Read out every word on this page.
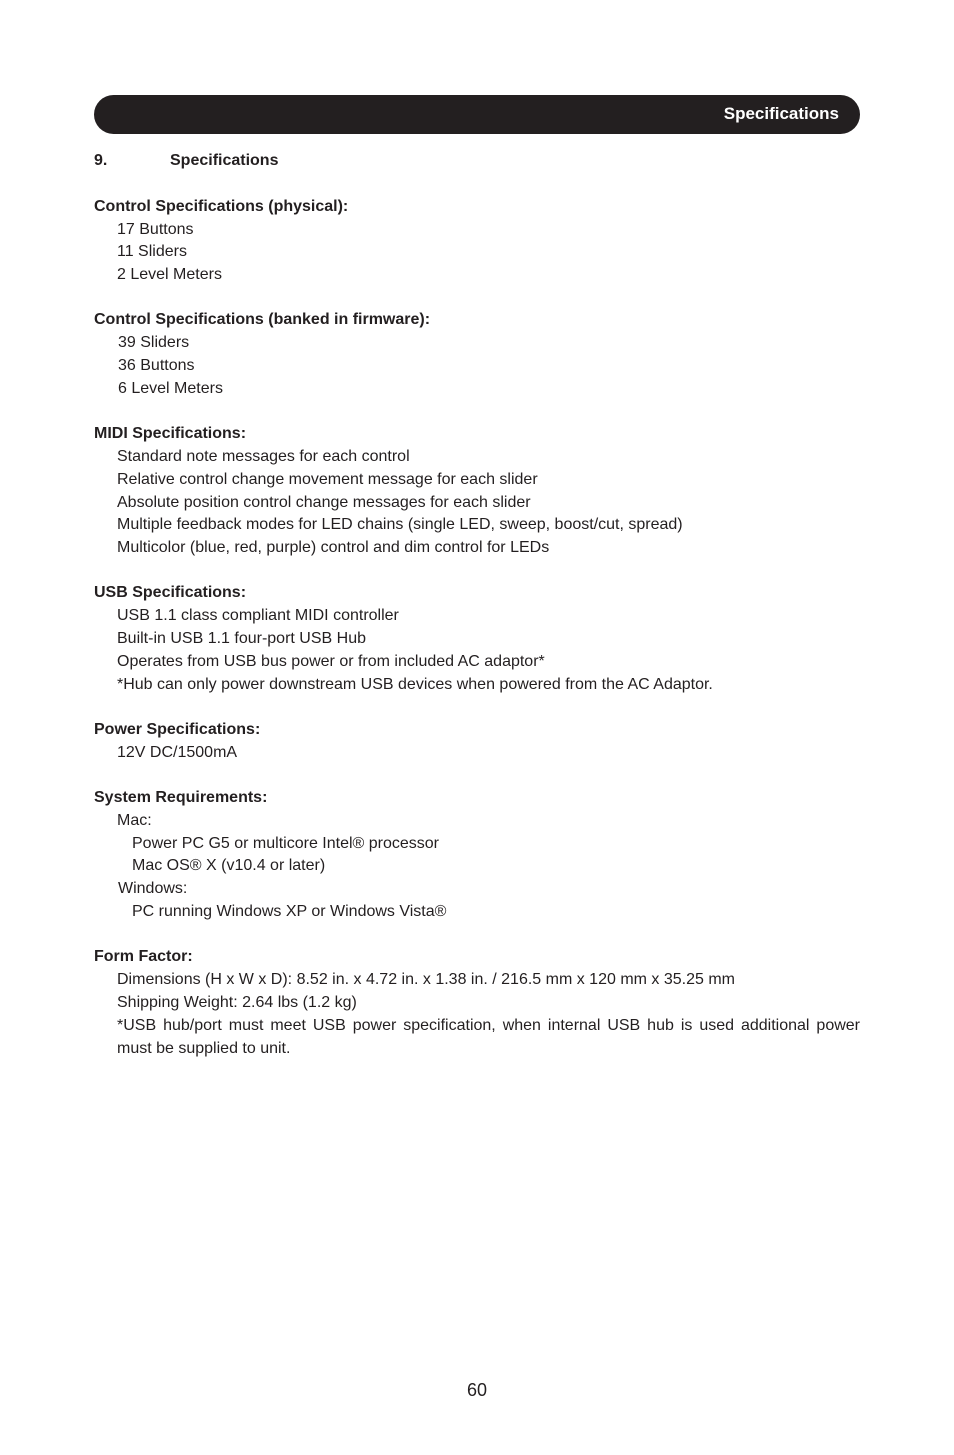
Specifications
9.	Specifications
Control Specifications (physical):
17 Buttons
11 Sliders
2 Level Meters
Control Specifications (banked in firmware):
39 Sliders
36 Buttons
6 Level Meters
MIDI Specifications:
Standard note messages for each control
Relative control change movement message for each slider
Absolute position control change messages for each slider
Multiple feedback modes for LED chains (single LED, sweep, boost/cut, spread)
Multicolor (blue, red, purple) control and dim control for LEDs
USB Specifications:
USB 1.1 class compliant MIDI controller
Built-in USB 1.1 four-port USB Hub
Operates from USB bus power or from included AC adaptor*
*Hub can only power downstream USB devices when powered from the AC Adaptor.
Power Specifications:
12V DC/1500mA
System Requirements:
Mac:
Power PC G5 or multicore Intel® processor
Mac OS® X (v10.4 or later)
Windows:
PC running Windows XP or Windows Vista®
Form Factor:
Dimensions (H x W x D): 8.52 in. x 4.72 in. x 1.38 in. / 216.5 mm x 120 mm x 35.25 mm
Shipping Weight: 2.64 lbs (1.2 kg)
*USB hub/port must meet USB power specification, when internal USB hub is used additional power must be supplied to unit.
60
